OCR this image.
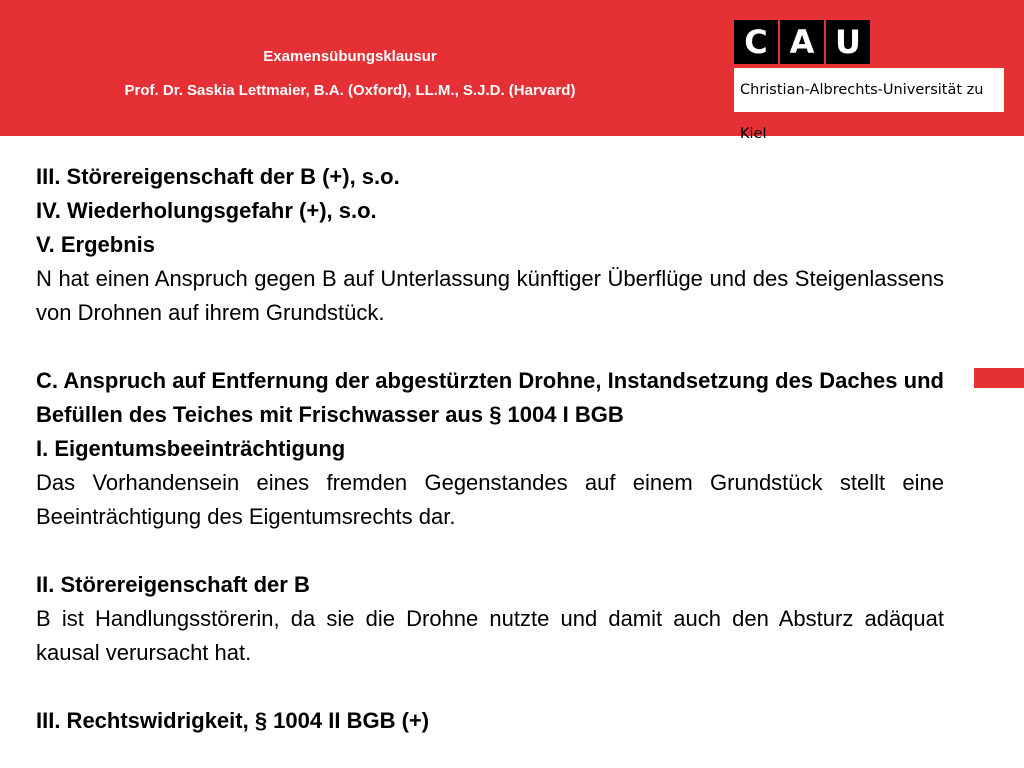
Examensübungsklausur
Prof. Dr. Saskia Lettmaier, B.A. (Oxford), LL.M., S.J.D. (Harvard)
C A U
Christian-Albrechts-Universität zu Kiel

III. Störereigenschaft der B (+), s.o.

IV. Wiederholungsgefahr (+), s.o.

V. Ergebnis

N hat einen Anspruch gegen B auf Unterlassung künftiger Überflüge und des Steigenlassens von Drohnen auf ihrem Grundstück.

C. Anspruch auf Entfernung der abgestürzten Drohne, Instandsetzung des Daches und Befüllen des Teiches mit Frischwasser aus § 1004 I BGB

I. Eigentumsbeeinträchtigung

Das Vorhandensein eines fremden Gegenstandes auf einem Grundstück stellt eine Beeinträchtigung des Eigentumsrechts dar.

II. Störereigenschaft der B

B ist Handlungsstörerin, da sie die Drohne nutzte und damit auch den Absturz adäquat kausal verursacht hat.

III. Rechtswidrigkeit, § 1004 II BGB (+)
